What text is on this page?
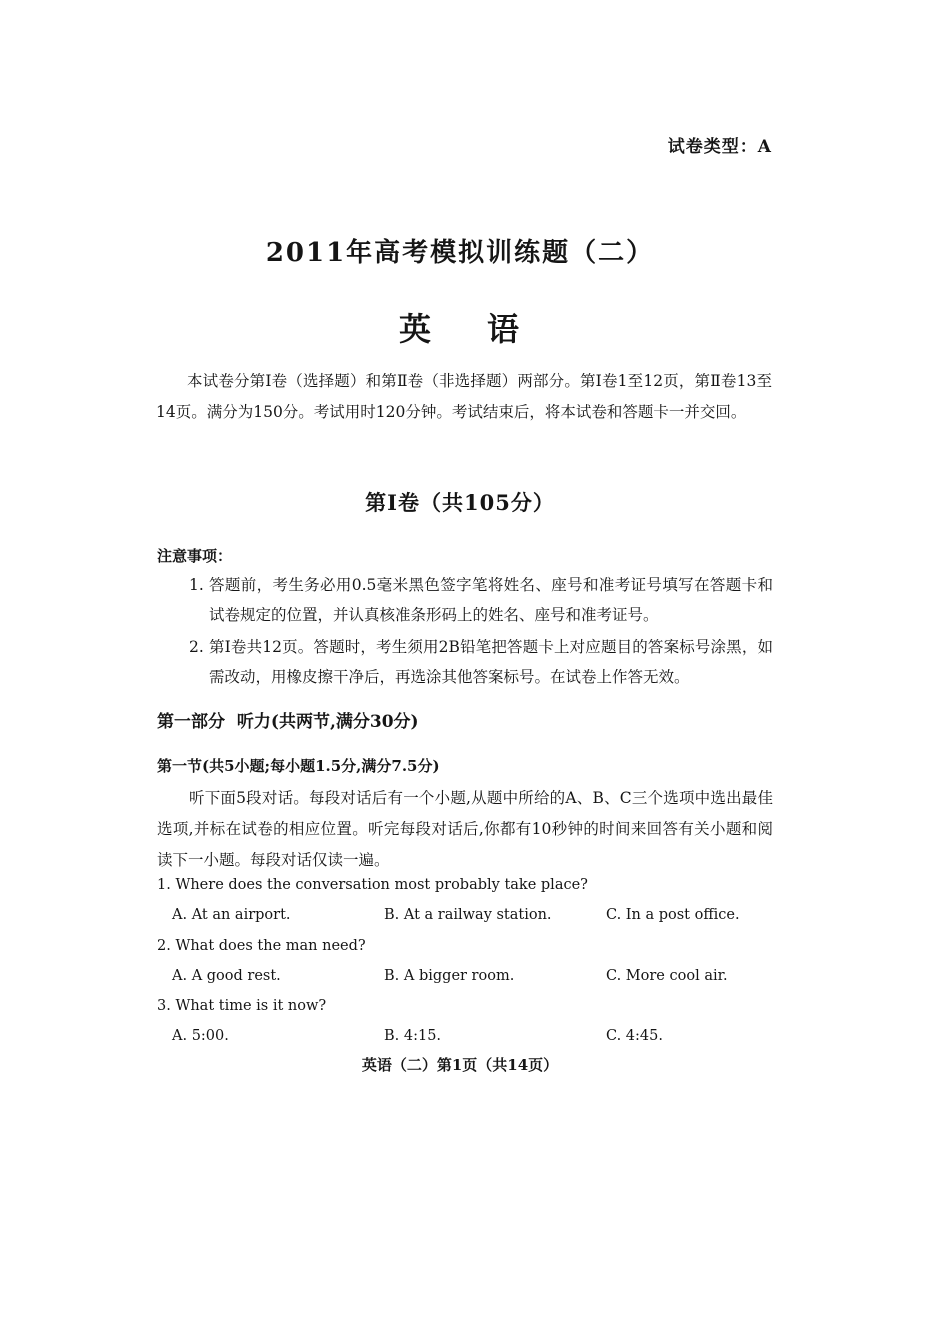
试卷类型：A
2011年高考模拟训练题（二）
英 语
本试卷分第Ⅰ卷（选择题）和第Ⅱ卷（非选择题）两部分。第Ⅰ卷1至12页，第Ⅱ卷13至14页。满分为150分。考试用时120分钟。考试结束后，将本试卷和答题卡一并交回。
第Ⅰ卷（共105分）
注意事项：
1. 答题前，考生务必用0.5毫米黑色签字笔将姓名、座号和准考证号填写在答题卡和试卷规定的位置，并认真核准条形码上的姓名、座号和准考证号。
2. 第Ⅰ卷共12页。答题时，考生须用2B铅笔把答题卡上对应题目的答案标号涂黑，如需改动，用橡皮擦干净后，再选涂其他答案标号。在试卷上作答无效。
第一部分 听力(共两节,满分30分)
第一节(共5小题;每小题1.5分,满分7.5分)
听下面5段对话。每段对话后有一个小题,从题中所给的A、B、C三个选项中选出最佳选项,并标在试卷的相应位置。听完每段对话后,你都有10秒钟的时间来回答有关小题和阅读下一小题。每段对话仅读一遍。
1. Where does the conversation most probably take place?
A. At an airport.	B. At a railway station.	C. In a post office.
2. What does the man need?
A. A good rest.	B. A bigger room.	C. More cool air.
3. What time is it now?
A. 5:00.	B. 4:15.	C. 4:45.
英语（二）第1页（共14页）
